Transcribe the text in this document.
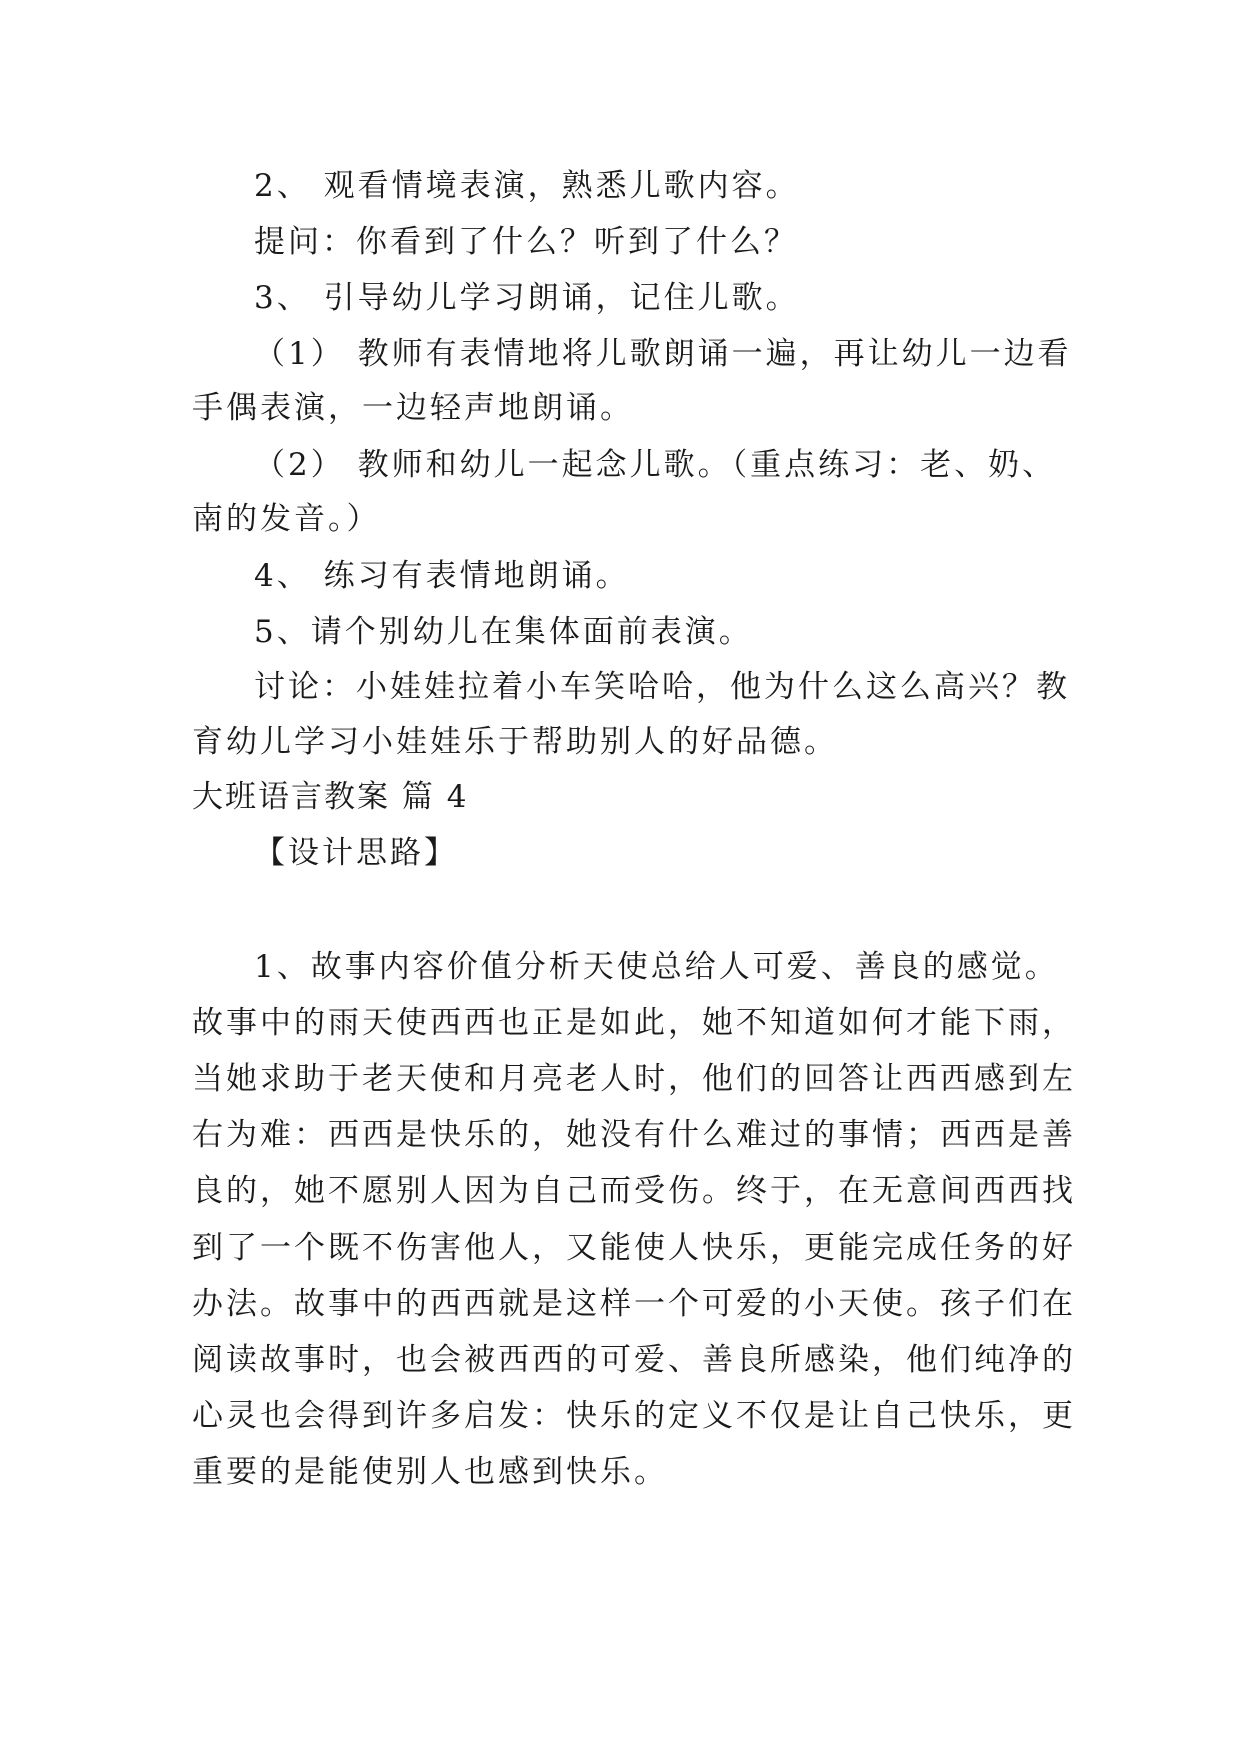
2、 观看情境表演，熟悉儿歌内容。
提问：你看到了什么？听到了什么？
3、 引导幼儿学习朗诵，记住儿歌。
（1） 教师有表情地将儿歌朗诵一遍，再让幼儿一边看
手偶表演，一边轻声地朗诵。
（2） 教师和幼儿一起念儿歌。（重点练习：老、奶、
南的发音。）
4、 练习有表情地朗诵。
5、请个别幼儿在集体面前表演。
讨论：小娃娃拉着小车笑哈哈，他为什么这么高兴？教
育幼儿学习小娃娃乐于帮助别人的好品德。
大班语言教案 篇 4
【设计思路】
1、故事内容价值分析天使总给人可爱、善良的感觉。
故事中的雨天使西西也正是如此，她不知道如何才能下雨，
当她求助于老天使和月亮老人时，他们的回答让西西感到左
右为难：西西是快乐的，她没有什么难过的事情；西西是善
良的，她不愿别人因为自己而受伤。终于，在无意间西西找
到了一个既不伤害他人，又能使人快乐，更能完成任务的好
办法。故事中的西西就是这样一个可爱的小天使。孩子们在
阅读故事时，也会被西西的可爱、善良所感染，他们纯净的
心灵也会得到许多启发：快乐的定义不仅是让自己快乐，更
重要的是能使别人也感到快乐。
